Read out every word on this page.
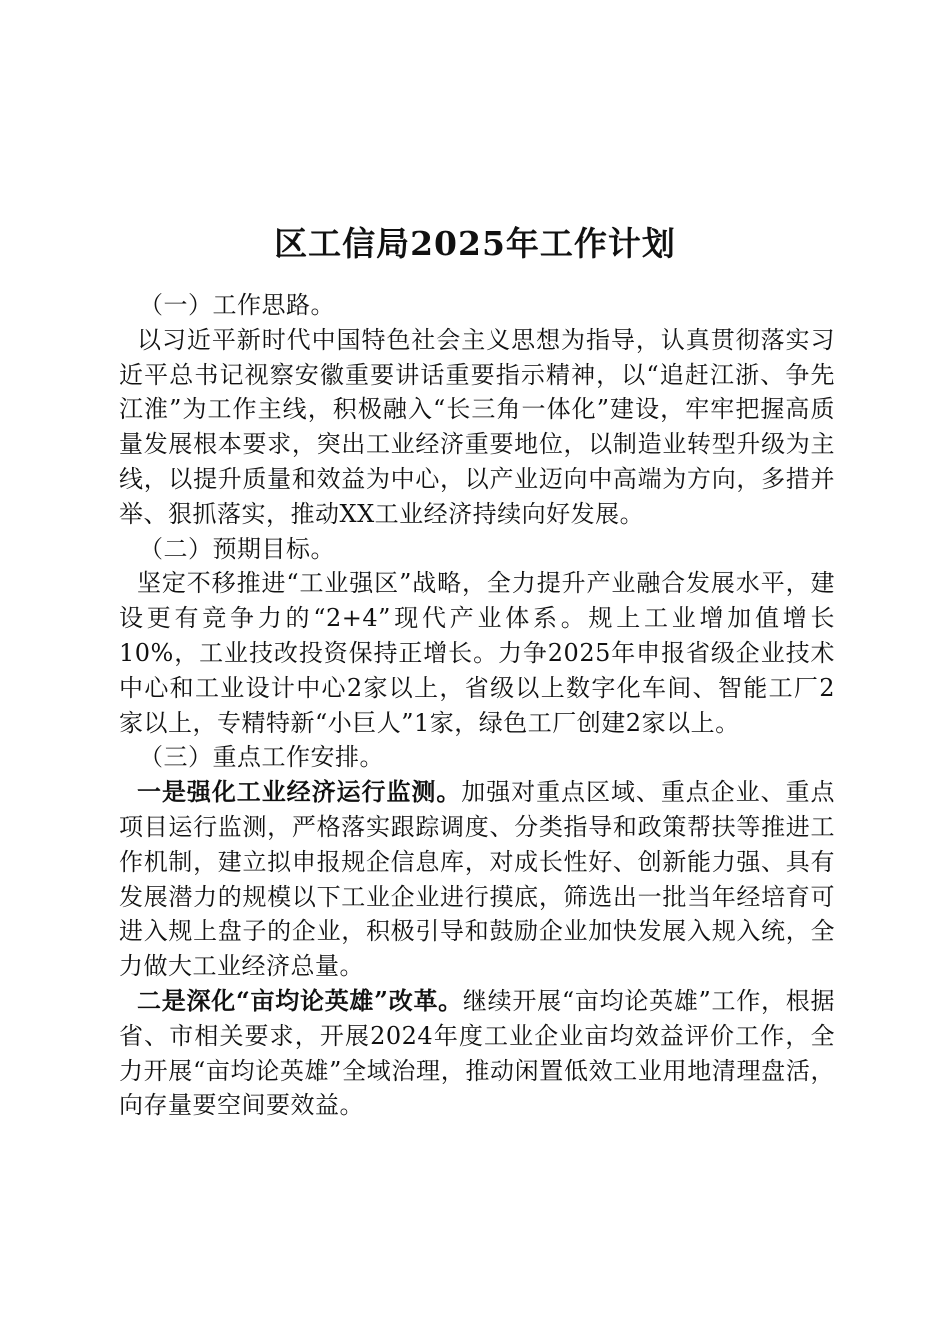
区工信局2025年工作计划

（一）工作思路。

以习近平新时代中国特色社会主义思想为指导，认真贯彻落实习近平总书记视察安徽重要讲话重要指示精神，以“追赶江浙、争先江淮”为工作主线，积极融入“长三角一体化”建设，牢牢把握高质量发展根本要求，突出工业经济重要地位，以制造业转型升级为主线，以提升质量和效益为中心，以产业迈向中高端为方向，多措并举、狠抓落实，推动XX工业经济持续向好发展。

（二）预期目标。

坚定不移推进“工业强区”战略，全力提升产业融合发展水平，建设更有竞争力的“2+4”现代产业体系。规上工业增加值增长10%，工业技改投资保持正增长。力争2025年申报省级企业技术中心和工业设计中心2家以上，省级以上数字化车间、智能工厂2家以上，专精特新“小巨人”1家，绿色工厂创建2家以上。

（三）重点工作安排。

一是强化工业经济运行监测。加强对重点区域、重点企业、重点项目运行监测，严格落实跟踪调度、分类指导和政策帮扶等推进工作机制，建立拟申报规企信息库，对成长性好、创新能力强、具有发展潜力的规模以下工业企业进行摸底，筛选出一批当年经培育可进入规上盘子的企业，积极引导和鼓励企业加快发展入规入统，全力做大工业经济总量。

二是深化“亩均论英雄”改革。继续开展“亩均论英雄”工作，根据省、市相关要求，开展2024年度工业企业亩均效益评价工作，全力开展“亩均论英雄”全域治理，推动闲置低效工业用地清理盘活，向存量要空间要效益。
